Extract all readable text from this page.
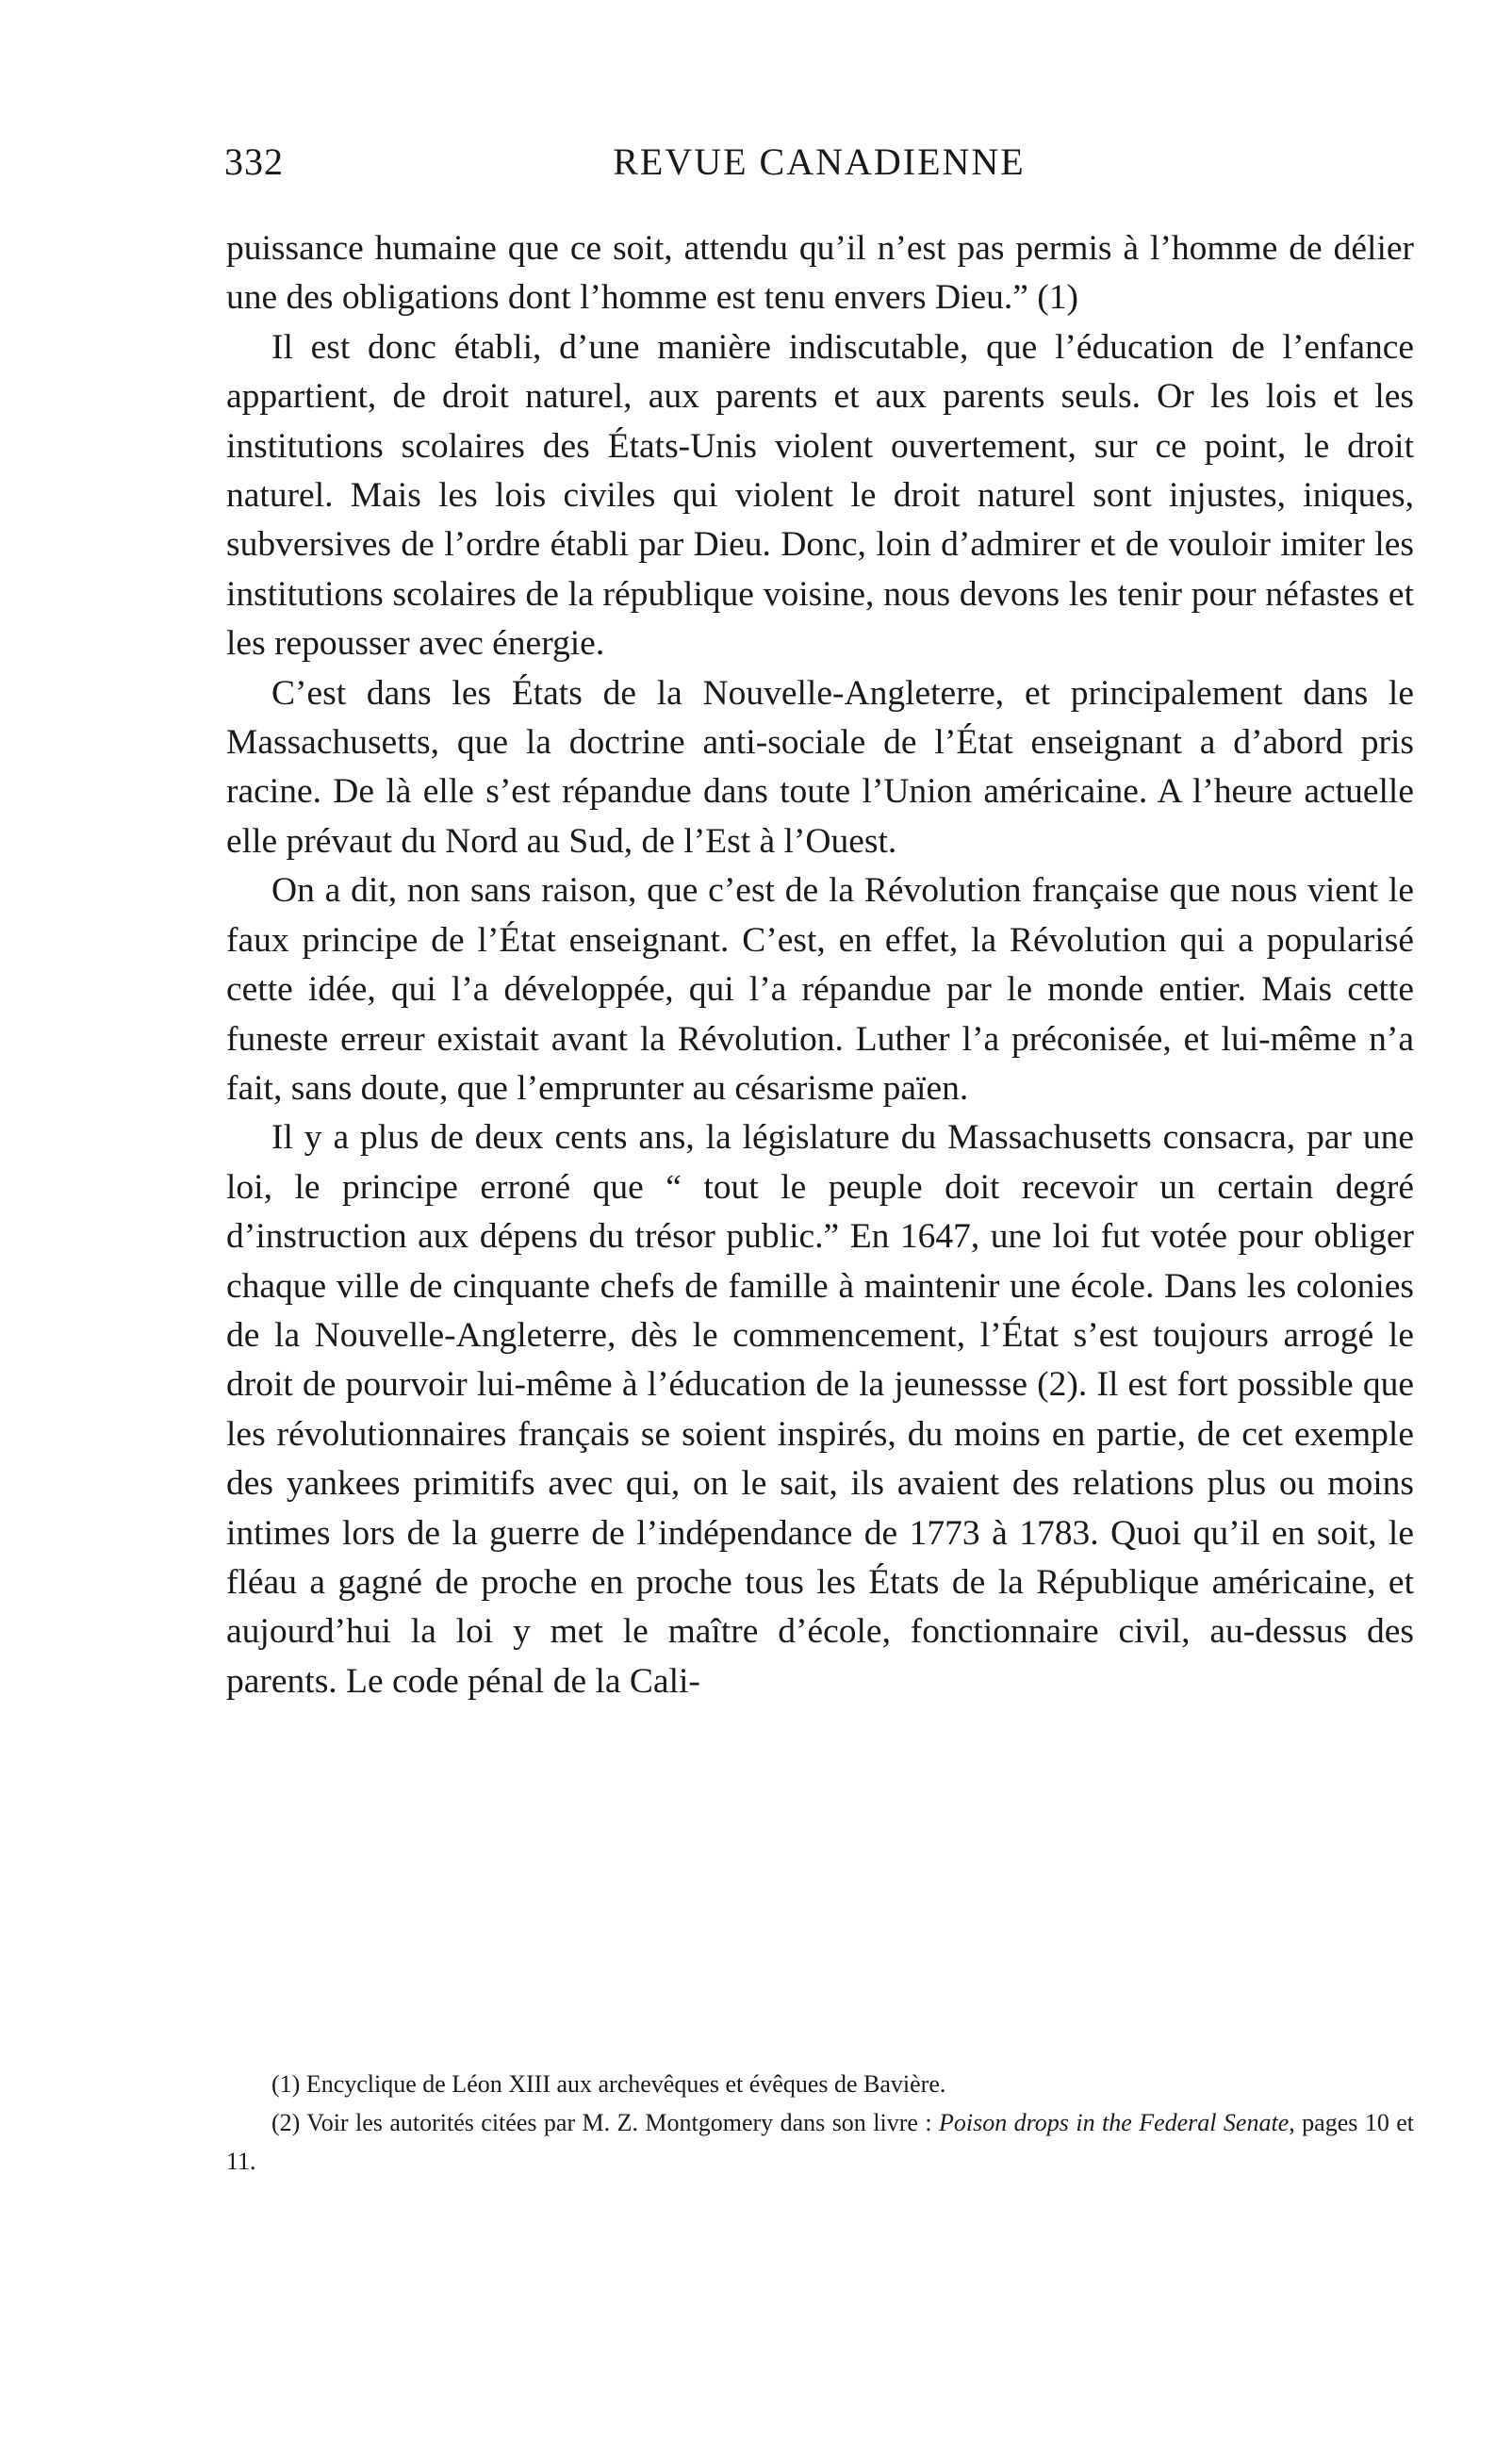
332	REVUE CANADIENNE

puissance humaine que ce soit, attendu qu’il n’est pas permis à l’homme de délier une des obligations dont l’homme est tenu envers Dieu.” (1)

Il est donc établi, d’une manière indiscutable, que l’éducation de l’enfance appartient, de droit naturel, aux parents et aux parents seuls. Or les lois et les institutions scolaires des États-Unis violent ouvertement, sur ce point, le droit naturel. Mais les lois civiles qui violent le droit naturel sont injustes, iniques, subversives de l’ordre établi par Dieu. Donc, loin d’admirer et de vouloir imiter les institutions scolaires de la république voisine, nous devons les tenir pour néfastes et les repousser avec énergie.

C’est dans les États de la Nouvelle-Angleterre, et principalement dans le Massachusetts, que la doctrine anti-sociale de l’État enseignant a d’abord pris racine. De là elle s’est répandue dans toute l’Union américaine. A l’heure actuelle elle prévaut du Nord au Sud, de l’Est à l’Ouest.

On a dit, non sans raison, que c’est de la Révolution française que nous vient le faux principe de l’État enseignant. C’est, en effet, la Révolution qui a popularisé cette idée, qui l’a développée, qui l’a répandue par le monde entier. Mais cette funeste erreur existait avant la Révolution. Luther l’a préconisée, et lui-même n’a fait, sans doute, que l’emprunter au césarisme païen.

Il y a plus de deux cents ans, la législature du Massachusetts consacra, par une loi, le principe erroné que “ tout le peuple doit recevoir un certain degré d’instruction aux dépens du trésor public.” En 1647, une loi fut votée pour obliger chaque ville de cinquante chefs de famille à maintenir une école. Dans les colonies de la Nouvelle-Angleterre, dès le commencement, l’État s’est toujours arrogé le droit de pourvoir lui-même à l’éducation de la jeunessse (2). Il est fort possible que les révolutionnaires français se soient inspirés, du moins en partie, de cet exemple des yankees primitifs avec qui, on le sait, ils avaient des relations plus ou moins intimes lors de la guerre de l’indépendance de 1773 à 1783. Quoi qu’il en soit, le fléau a gagné de proche en proche tous les États de la République américaine, et aujourd’hui la loi y met le maître d’école, fonctionnaire civil, au-dessus des parents. Le code pénal de la Cali-

(1) Encyclique de Léon XIII aux archevêques et évêques de Bavière.

(2) Voir les autorités citées par M. Z. Montgomery dans son livre : Poison drops in the Federal Senate, pages 10 et 11.
